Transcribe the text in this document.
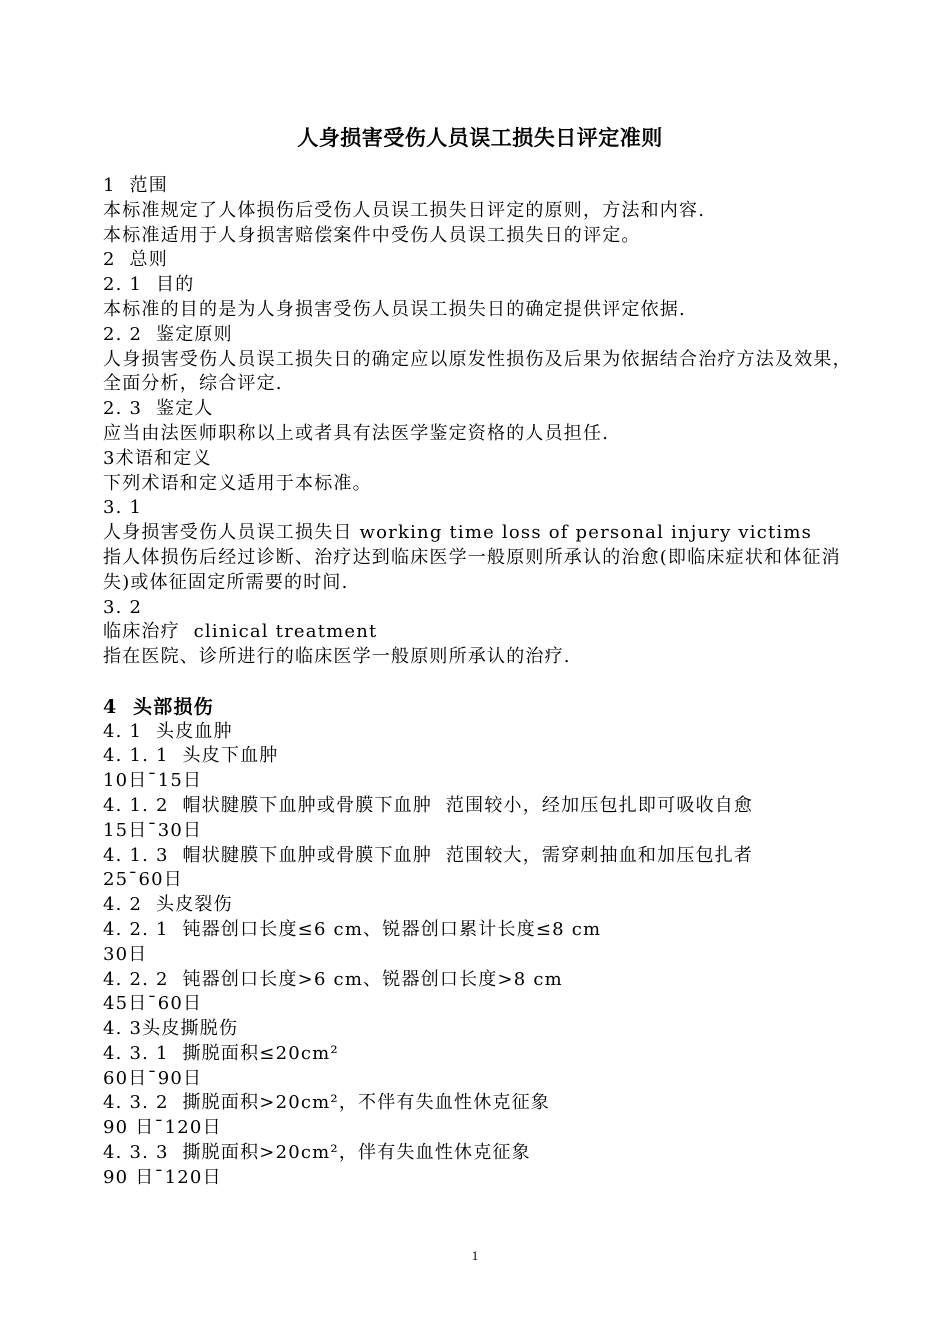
人身损害受伤人员误工损失日评定准则
1  范围
本标准规定了人体损伤后受伤人员误工损失日评定的原则，方法和内容.
本标准适用于人身损害赔偿案件中受伤人员误工损失日的评定。
2  总则
2. 1  目的
本标准的目的是为人身损害受伤人员误工损失日的确定提供评定依据.
2. 2  鉴定原则
人身损害受伤人员误工损失日的确定应以原发性损伤及后果为依据结合治疗方法及效果，全面分析，综合评定.
2. 3  鉴定人
应当由法医师职称以上或者具有法医学鉴定资格的人员担任.
3术语和定义
下列术语和定义适用于本标准。
3. 1
人身损害受伤人员误工损失日 working time loss of personal injury victims
指人体损伤后经过诊断、治疗达到临床医学一般原则所承认的治愈(即临床症状和体征消失)或体征固定所需要的时间.
3. 2
临床治疗  clinical treatment
指在医院、诊所进行的临床医学一般原则所承认的治疗.
4  头部损伤
4. 1  头皮血肿
4. 1. 1  头皮下血肿
10日¯15日
4. 1. 2  帽状腱膜下血肿或骨膜下血肿  范围较小，经加压包扎即可吸收自愈
15日¯30日
4. 1. 3  帽状腱膜下血肿或骨膜下血肿  范围较大，需穿刺抽血和加压包扎者
25¯60日
4. 2  头皮裂伤
4. 2. 1  钝器创口长度≤6 cm、锐器创口累计长度≤8 cm
30日
4. 2. 2  钝器创口长度>6 cm、锐器创口长度>8 cm
45日¯60日
4. 3头皮撕脱伤
4. 3. 1  撕脱面积≤20cm²
60日¯90日
4. 3. 2  撕脱面积>20cm²，不伴有失血性休克征象
90 日¯120日
4. 3. 3  撕脱面积>20cm²，伴有失血性休克征象
90 日¯120日
1
